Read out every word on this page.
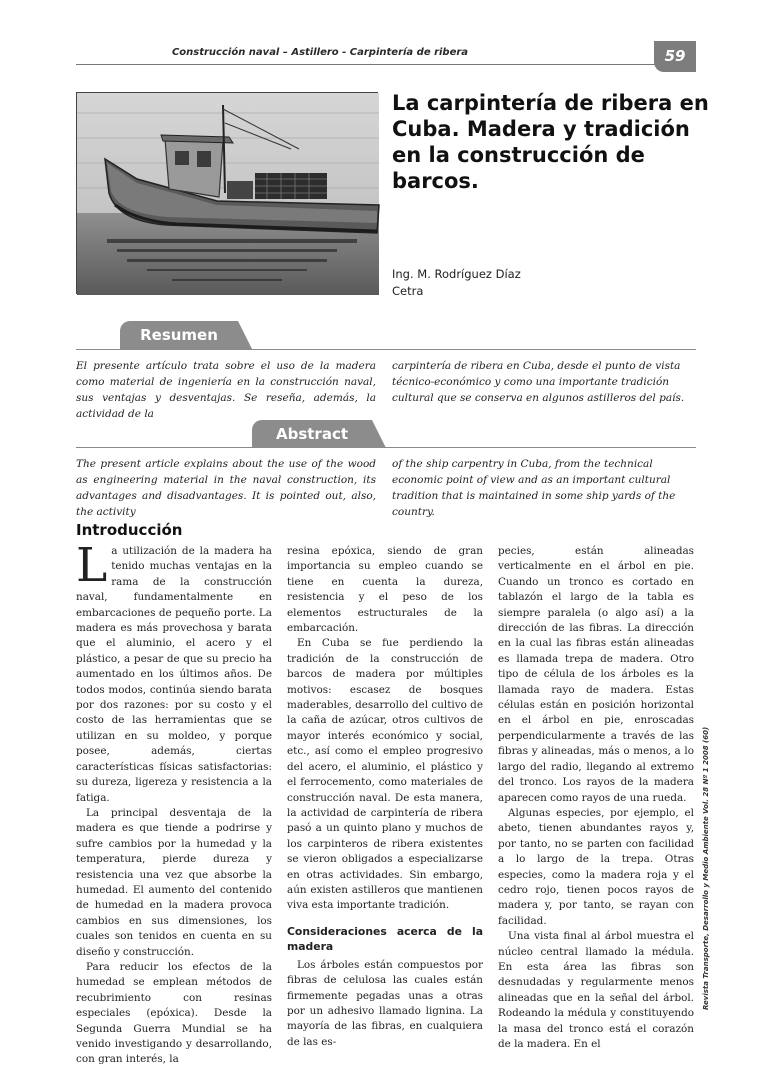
Construcción naval – Astillero - Carpintería de ribera	59
La carpintería de ribera en Cuba. Madera y tradición en la construcción de barcos.
Ing. M. Rodríguez Díaz
Cetra
Resumen
El presente artículo trata sobre el uso de la madera como material de ingeniería en la construcción naval, sus ventajas y desventajas. Se reseña, además, la actividad de la
carpintería de ribera en Cuba, desde el punto de vista técnico-económico y como una importante tradición cultural que se conserva en algunos astilleros del país.
Abstract
The present article explains about the use of the wood as engineering material in the naval construction, its advantages and disadvantages. It is pointed out, also, the activity
of the ship carpentry in Cuba, from the technical economic point of view and as an important cultural tradition that is maintained in some ship yards of the country.
Introducción

La utilización de la madera ha tenido muchas ventajas en la rama de la construcción naval, fundamentalmente en embarcaciones de pequeño porte. La madera es más provechosa y barata que el aluminio, el acero y el plástico, a pesar de que su precio ha aumentado en los últimos años. De todos modos, continúa siendo barata por dos razones: por su costo y el costo de las herramientas que se utilizan en su moldeo, y porque posee, además, ciertas características físicas satisfactorias: su dureza, ligereza y resistencia a la fatiga.

La principal desventaja de la madera es que tiende a podrirse y sufre cambios por la humedad y la temperatura, pierde dureza y resistencia una vez que absorbe la humedad. El aumento del contenido de humedad en la madera provoca cambios en sus dimensiones, los cuales son tenidos en cuenta en su diseño y construcción.

Para reducir los efectos de la humedad se emplean métodos de recubrimiento con resinas especiales (epóxica). Desde la Segunda Guerra Mundial se ha venido investigando y desarrollando, con gran interés, la

resina epóxica, siendo de gran importancia su empleo cuando se tiene en cuenta la dureza, resistencia y el peso de los elementos estructurales de la embarcación.

En Cuba se fue perdiendo la tradición de la construcción de barcos de madera por múltiples motivos: escasez de bosques maderables, desarrollo del cultivo de la caña de azúcar, otros cultivos de mayor interés económico y social, etc., así como el empleo progresivo del acero, el aluminio, el plástico y el ferrocemento, como materiales de construcción naval. De esta manera, la actividad de carpintería de ribera pasó a un quinto plano y muchos de los carpinteros de ribera existentes se vieron obligados a especializarse en otras actividades. Sin embargo, aún existen astilleros que mantienen viva esta importante tradición.

Consideraciones acerca de la madera

Los árboles están compuestos por fibras de celulosa las cuales están firmemente pegadas unas a otras por un adhesivo llamado lignina. La mayoría de las fibras, en cualquiera de las es-

pecies, están alineadas verticalmente en el árbol en pie. Cuando un tronco es cortado en tablazón el largo de la tabla es siempre paralela (o algo así) a la dirección de las fibras. La dirección en la cual las fibras están alineadas es llamada trepa de madera. Otro tipo de célula de los árboles es la llamada rayo de madera. Estas células están en posición horizontal en el árbol en pie, enroscadas perpendicularmente a través de las fibras y alineadas, más o menos, a lo largo del radio, llegando al extremo del tronco. Los rayos de la madera aparecen como rayos de una rueda.

Algunas especies, por ejemplo, el abeto, tienen abundantes rayos y, por tanto, no se parten con facilidad a lo largo de la trepa. Otras especies, como la madera roja y el cedro rojo, tienen pocos rayos de madera y, por tanto, se rayan con facilidad.

Una vista final al árbol muestra el núcleo central llamado la médula. En esta área las fibras son desnudadas y regularmente menos alineadas que en la señal del árbol. Rodeando la médula y constituyendo la masa del tronco está el corazón de la madera. En el

Revista Transporte, Desarrollo y Medio Ambiente Vol. 28 Nº 1 2008 (60)
